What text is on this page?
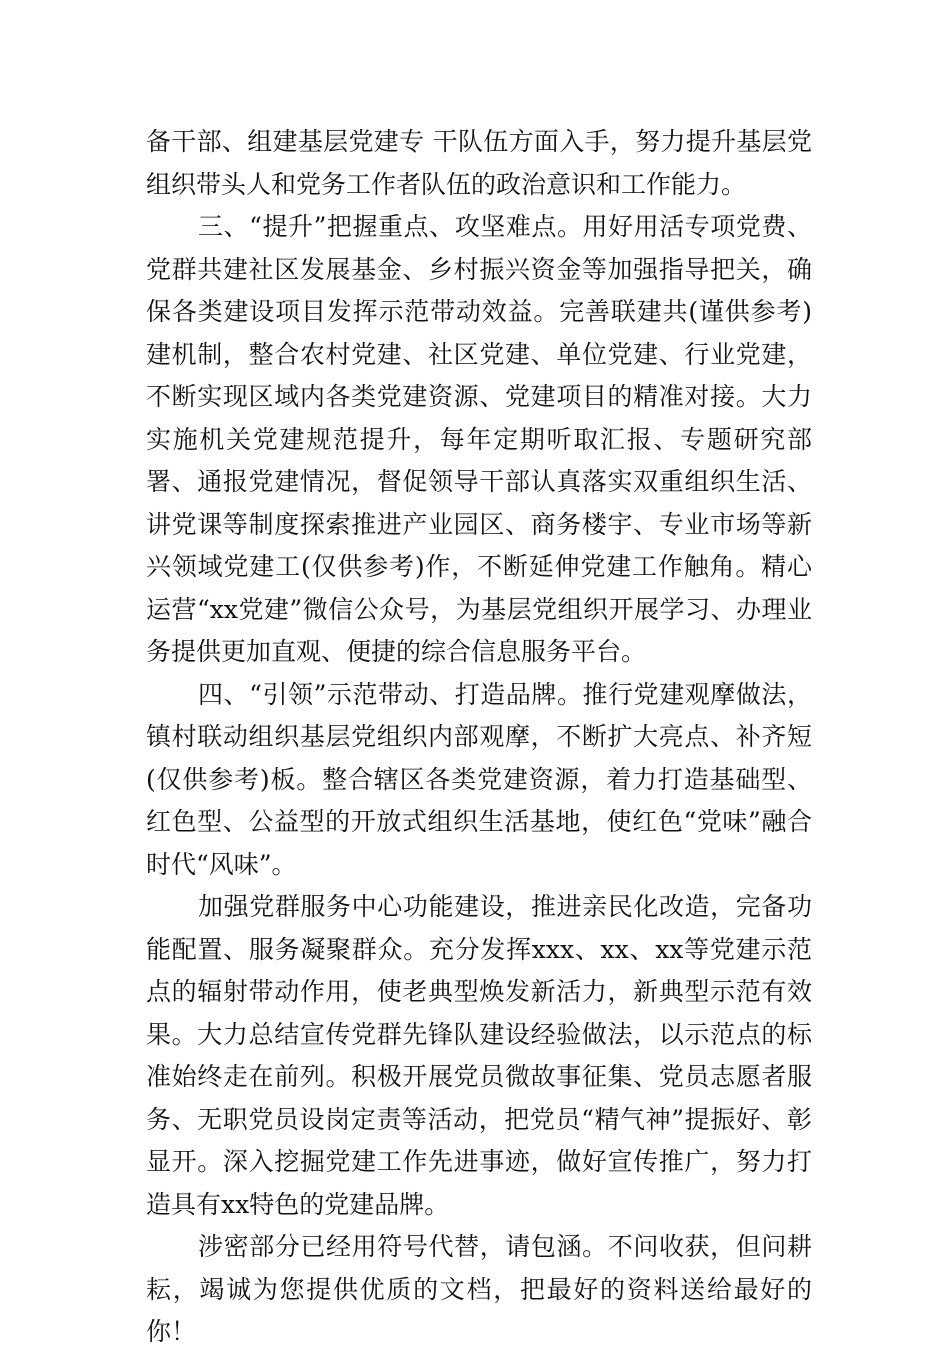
备干部、组建基层党建专 干队伍方面入手，努力提升基层党组织带头人和党务工作者队伍的政治意识和工作能力。

三、“提升”把握重点、攻坚难点。用好用活专项党费、党群共建社区发展基金、乡村振兴资金等加强指导把关，确保各类建设项目发挥示范带动效益。完善联建共(谨供参考)建机制，整合农村党建、社区党建、单位党建、行业党建，不断实现区域内各类党建资源、党建项目的精准对接。大力实施机关党建规范提升，每年定期听取汇报、专题研究部署、通报党建情况，督促领导干部认真落实双重组织生活、讲党课等制度探索推进产业园区、商务楼宇、专业市场等新兴领域党建工(仅供参考)作，不断延伸党建工作触角。精心运营“xx党建”微信公众号，为基层党组织开展学习、办理业务提供更加直观、便捷的综合信息服务平台。

四、“引领”示范带动、打造品牌。推行党建观摩做法，镇村联动组织基层党组织内部观摩，不断扩大亮点、补齐短(仅供参考)板。整合辖区各类党建资源，着力打造基础型、红色型、公益型的开放式组织生活基地，使红色“党味”融合时代“风味”。

加强党群服务中心功能建设，推进亲民化改造，完备功能配置、服务凝聚群众。充分发挥xxx、xx、xx等党建示范点的辐射带动作用，使老典型焕发新活力，新典型示范有效果。大力总结宣传党群先锋队建设经验做法，以示范点的标准始终走在前列。积极开展党员微故事征集、党员志愿者服务、无职党员设岗定责等活动，把党员“精气神”提振好、彰显开。深入挖掘党建工作先进事迹，做好宣传推广，努力打造具有xx特色的党建品牌。

涉密部分已经用符号代替，请包涵。不问收获，但问耕耘，竭诚为您提供优质的文档，把最好的资料送给最好的你！
